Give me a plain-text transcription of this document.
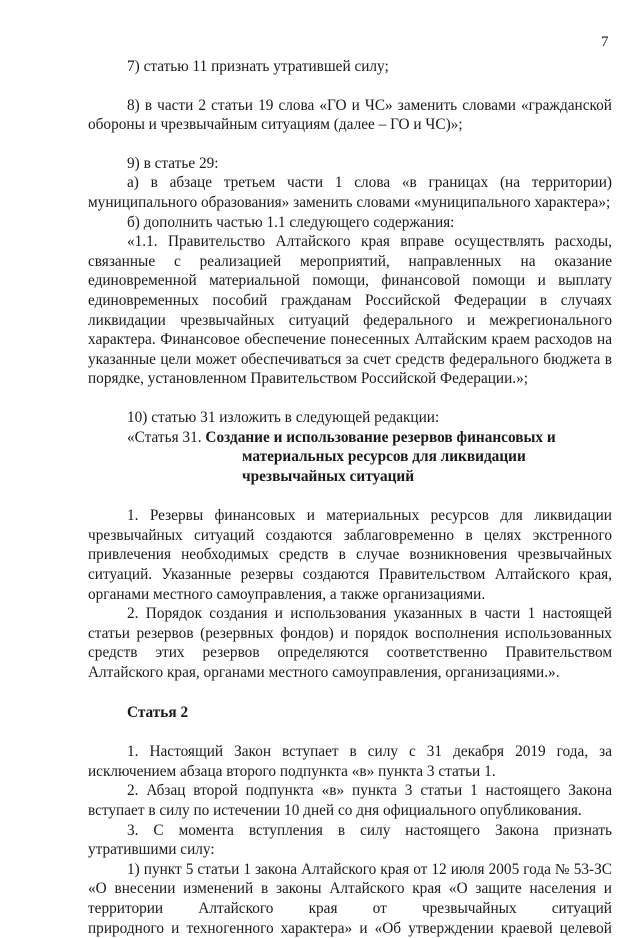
7

7) статью 11 признать утратившей силу;

8) в части 2 статьи 19 слова «ГО и ЧС» заменить словами «гражданской

обороны и чрезвычайным ситуациям (далее – ГО и ЧС)»;

9) в статье 29:

а) в абзаце третьем части 1 слова «в границах (на территории)

муниципального образования» заменить словами «муниципального характера»;

б) дополнить частью 1.1 следующего содержания:

«1.1. Правительство Алтайского края вправе осуществлять расходы,

связанные с реализацией мероприятий, направленных на оказание

единовременной материальной помощи, финансовой помощи и выплату

единовременных пособий гражданам Российской Федерации в случаях

ликвидации чрезвычайных ситуаций федерального и межрегионального

характера. Финансовое обеспечение понесенных Алтайским краем расходов на

указанные цели может обеспечиваться за счет средств федерального бюджета в

порядке, установленном Правительством Российской Федерации.»;

10) статью 31 изложить в следующей редакции:

«Статья 31. Создание и использование резервов финансовых и
материальных ресурсов для ликвидации
чрезвычайных ситуаций

1. Резервы финансовых и материальных ресурсов для ликвидации

чрезвычайных ситуаций создаются заблаговременно в целях экстренного

привлечения необходимых средств в случае возникновения чрезвычайных

ситуаций. Указанные резервы создаются Правительством Алтайского края,

органами местного самоуправления, а также организациями.

2. Порядок создания и использования указанных в части 1 настоящей

статьи резервов (резервных фондов) и порядок восполнения использованных

средств этих резервов определяются соответственно Правительством

Алтайского края, органами местного самоуправления, организациями.».

Статья 2

1. Настоящий Закон вступает в силу с 31 декабря 2019 года, за

исключением абзаца второго подпункта «в» пункта 3 статьи 1.

2. Абзац второй подпункта «в» пункта 3 статьи 1 настоящего Закона

вступает в силу по истечении 10 дней со дня официального опубликования.

3. С момента вступления в силу настоящего Закона признать

утратившими силу:

1) пункт 5 статьи 1 закона Алтайского края от 12 июля 2005 года № 53-ЗС

«О внесении изменений в законы Алтайского края «О защите населения и

территории Алтайского края от чрезвычайных ситуаций

природного и техногенного характера» и «Об утверждении краевой целевой
